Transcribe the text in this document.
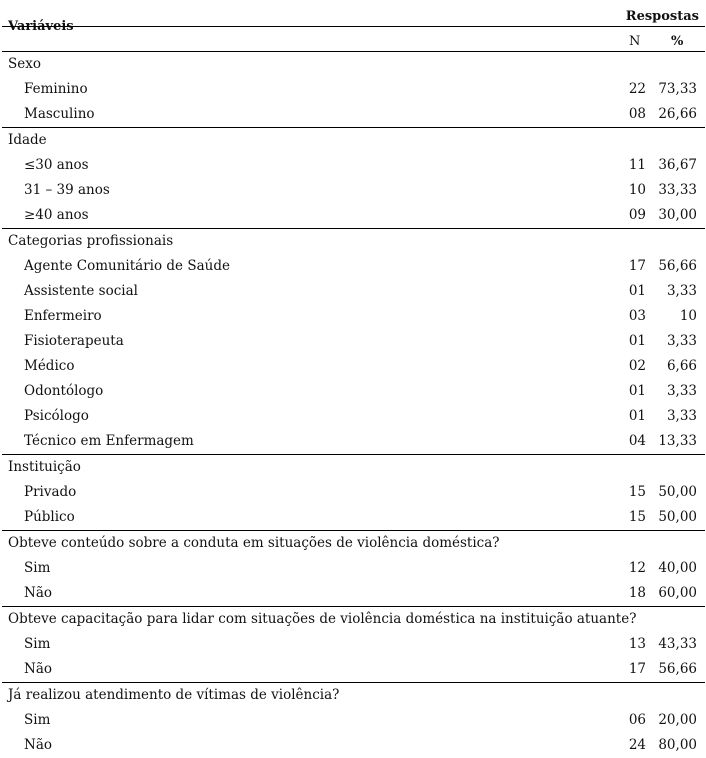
Variáveis
Respostas
N %
Sexo
Feminino	22 73,33
Masculino	08 26,66
Idade
≤30 anos	11 36,67
31 – 39 anos	10 33,33
≥40 anos	09 30,00
Categorias profissionais
Agente Comunitário de Saúde	17 56,66
Assistente social	01 3,33
Enfermeiro	03	10
Fisioterapeuta	01 3,33
Médico	02 6,66
Odontólogo	01 3,33
Psicólogo	01 3,33
Técnico em Enfermagem	04 13,33
Instituição
Privado	15 50,00
Público	15 50,00
Obteve conteúdo sobre a conduta em situações de violência doméstica?
Sim	12 40,00
Não	18 60,00
Obteve capacitação para lidar com situações de violência doméstica na instituição atuante?
Sim	13 43,33
Não	17 56,66
Já realizou atendimento de vítimas de violência?
Sim	06 20,00
Não	24 80,00
